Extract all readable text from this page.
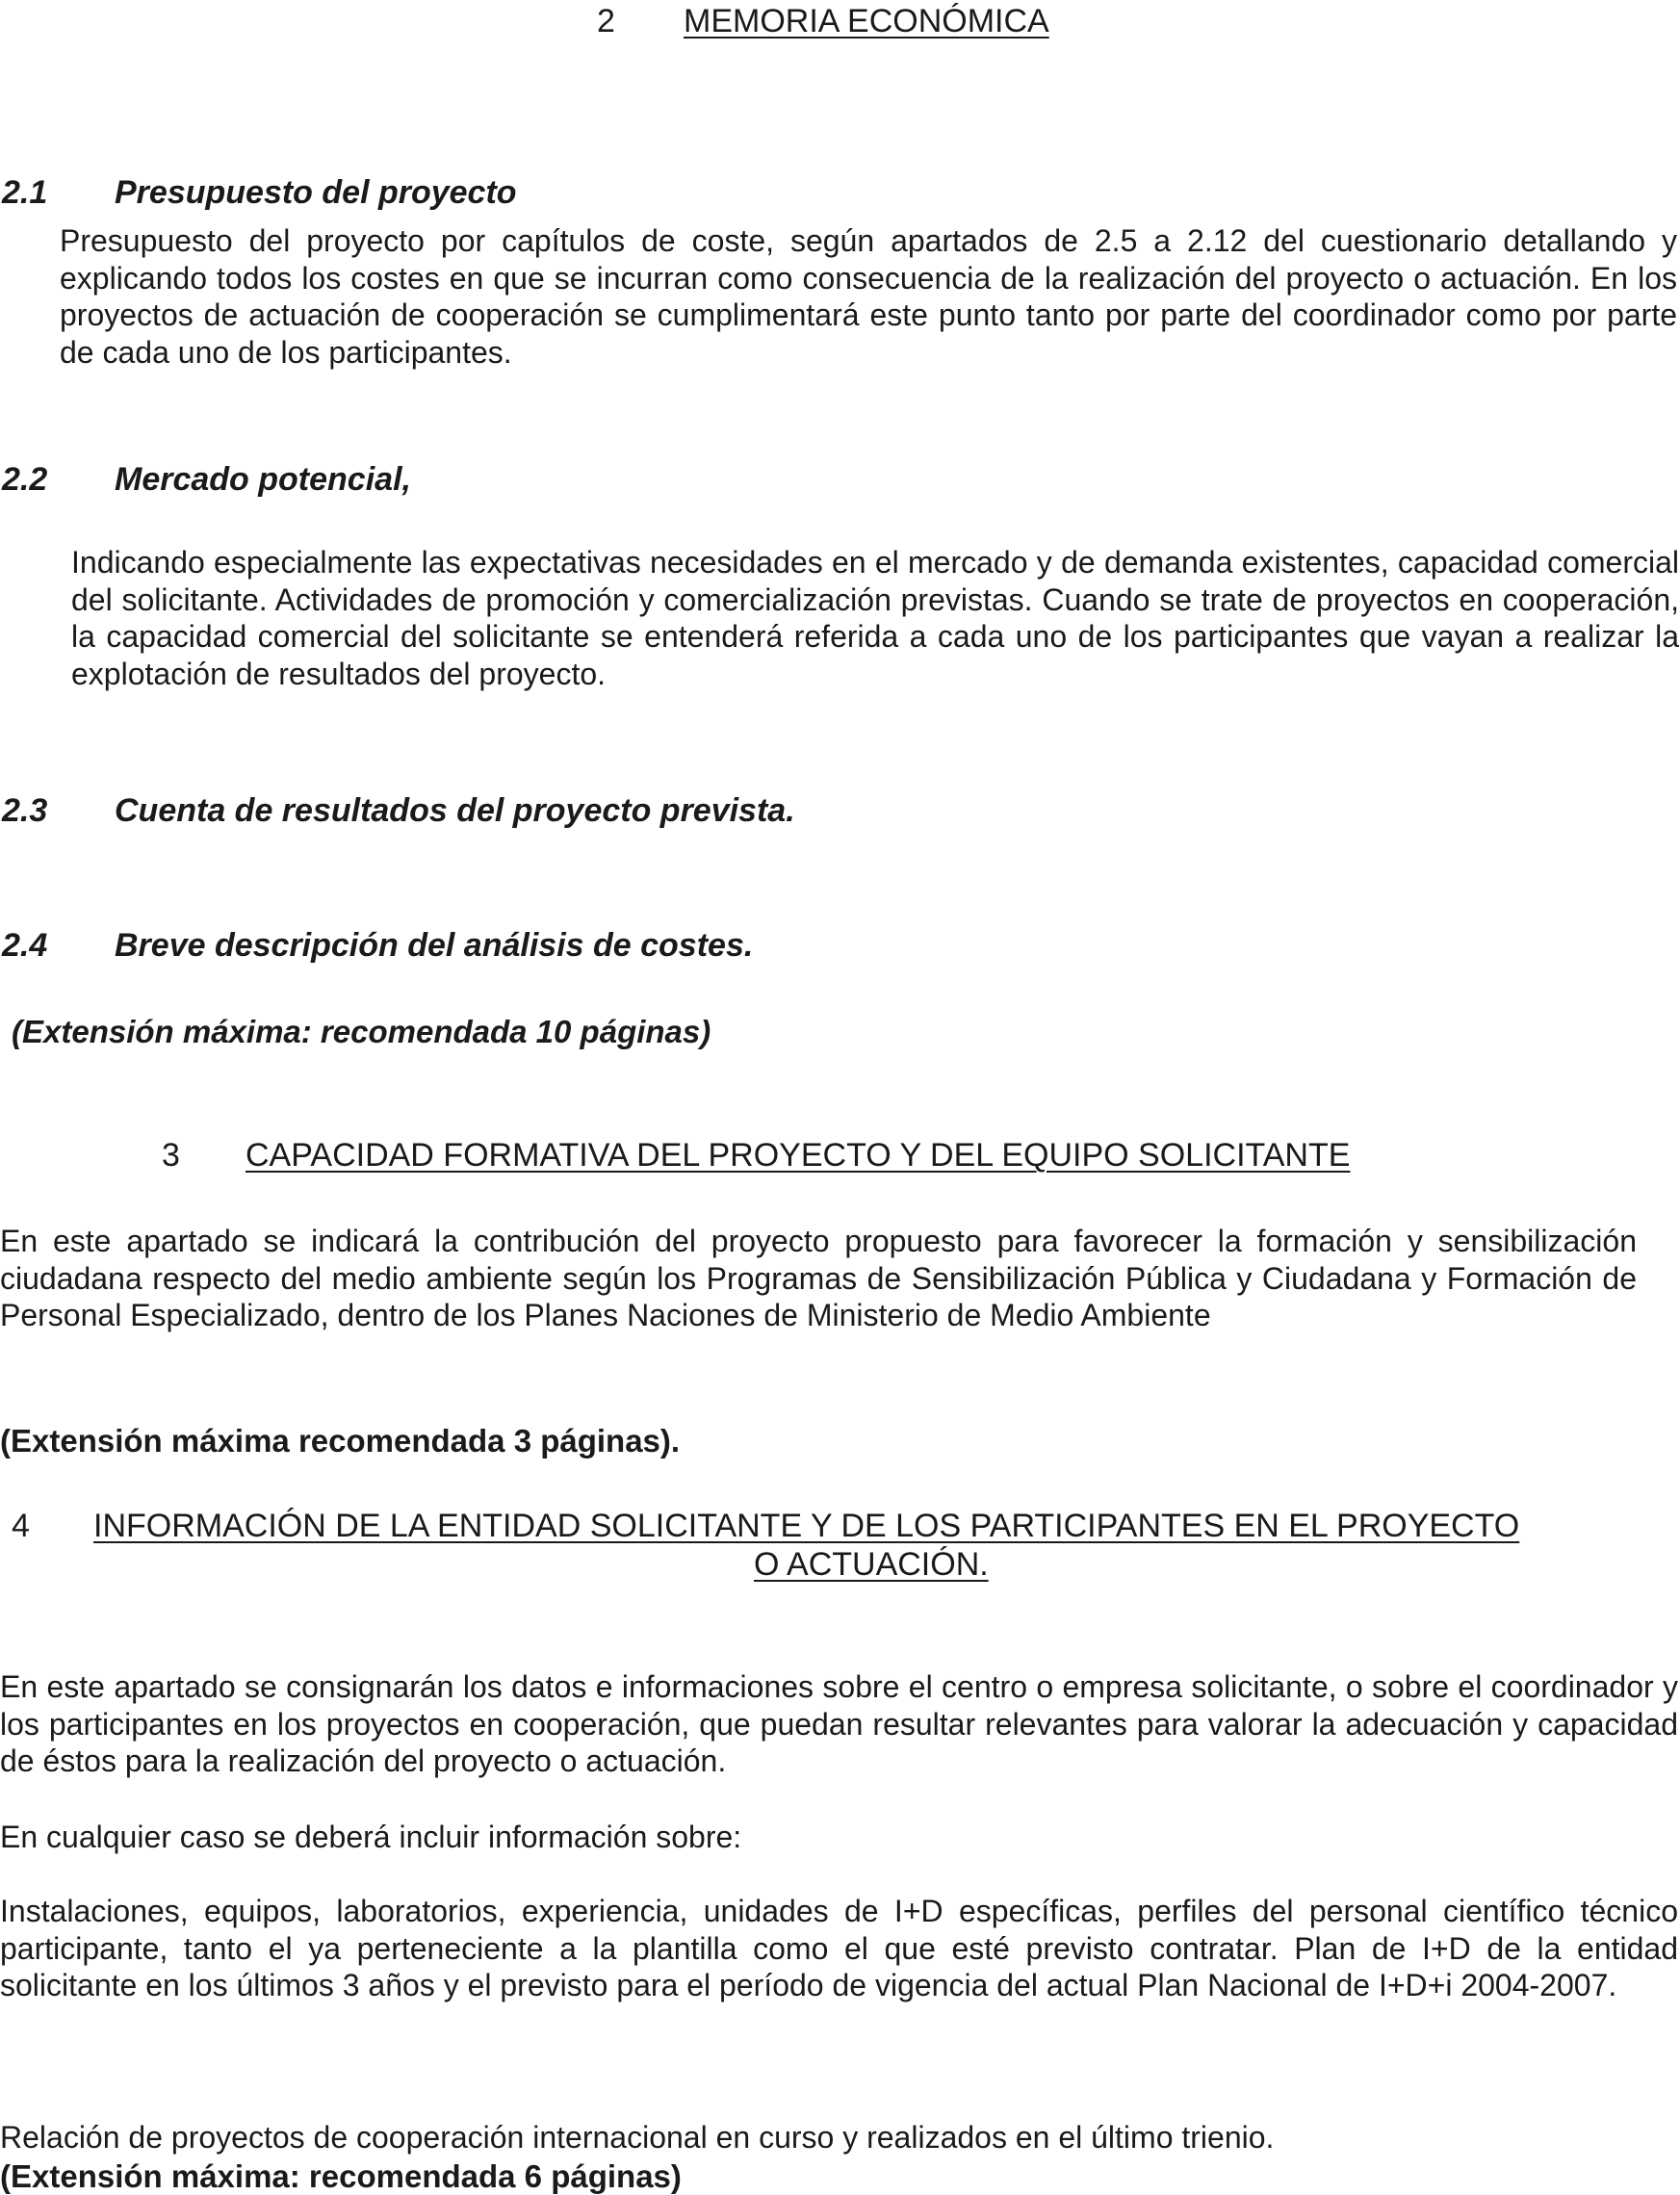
2 MEMORIA ECONÓMICA
2.1 Presupuesto del proyecto
Presupuesto del proyecto por capítulos de coste, según apartados de 2.5 a 2.12 del cuestionario detallando y explicando todos los costes en que se incurran como consecuencia de la realización del proyecto o actuación. En los proyectos de actuación de cooperación se cumplimentará este punto tanto por parte del coordinador como por parte de cada uno de los participantes.
2.2 Mercado potencial,
Indicando especialmente las expectativas necesidades en el mercado y de demanda existentes, capacidad comercial del solicitante. Actividades de promoción y comercialización previstas. Cuando se trate de proyectos en cooperación, la capacidad comercial del solicitante se entenderá referida a cada uno de los participantes que vayan a realizar la explotación de resultados del proyecto.
2.3 Cuenta de resultados del proyecto prevista.
2.4 Breve descripción del análisis de costes.
(Extensión máxima: recomendada 10 páginas)
3 CAPACIDAD FORMATIVA DEL PROYECTO Y DEL EQUIPO SOLICITANTE
En este apartado se indicará la contribución del proyecto propuesto para favorecer la formación y sensibilización ciudadana respecto del medio ambiente según los Programas de Sensibilización Pública y Ciudadana y Formación de Personal Especializado, dentro de los Planes Naciones de Ministerio de Medio Ambiente
(Extensión máxima recomendada 3 páginas).
4 INFORMACIÓN DE LA ENTIDAD SOLICITANTE Y DE LOS PARTICIPANTES EN EL PROYECTO
O ACTUACIÓN.
En este apartado se consignarán los datos e informaciones sobre el centro o empresa solicitante, o sobre el coordinador y los participantes en los proyectos en cooperación, que puedan resultar relevantes para valorar la adecuación y capacidad de éstos para la realización del proyecto o actuación.
En cualquier caso se deberá incluir información sobre:
Instalaciones, equipos, laboratorios, experiencia, unidades de I+D específicas, perfiles del personal científico técnico participante, tanto el ya perteneciente a la plantilla como el que esté previsto contratar. Plan de I+D de la entidad solicitante en los últimos 3 años y el previsto para el período de vigencia del actual Plan Nacional de I+D+i 2004-2007.
Relación de proyectos de cooperación internacional en curso y realizados en el último trienio.
(Extensión máxima: recomendada 6 páginas)
